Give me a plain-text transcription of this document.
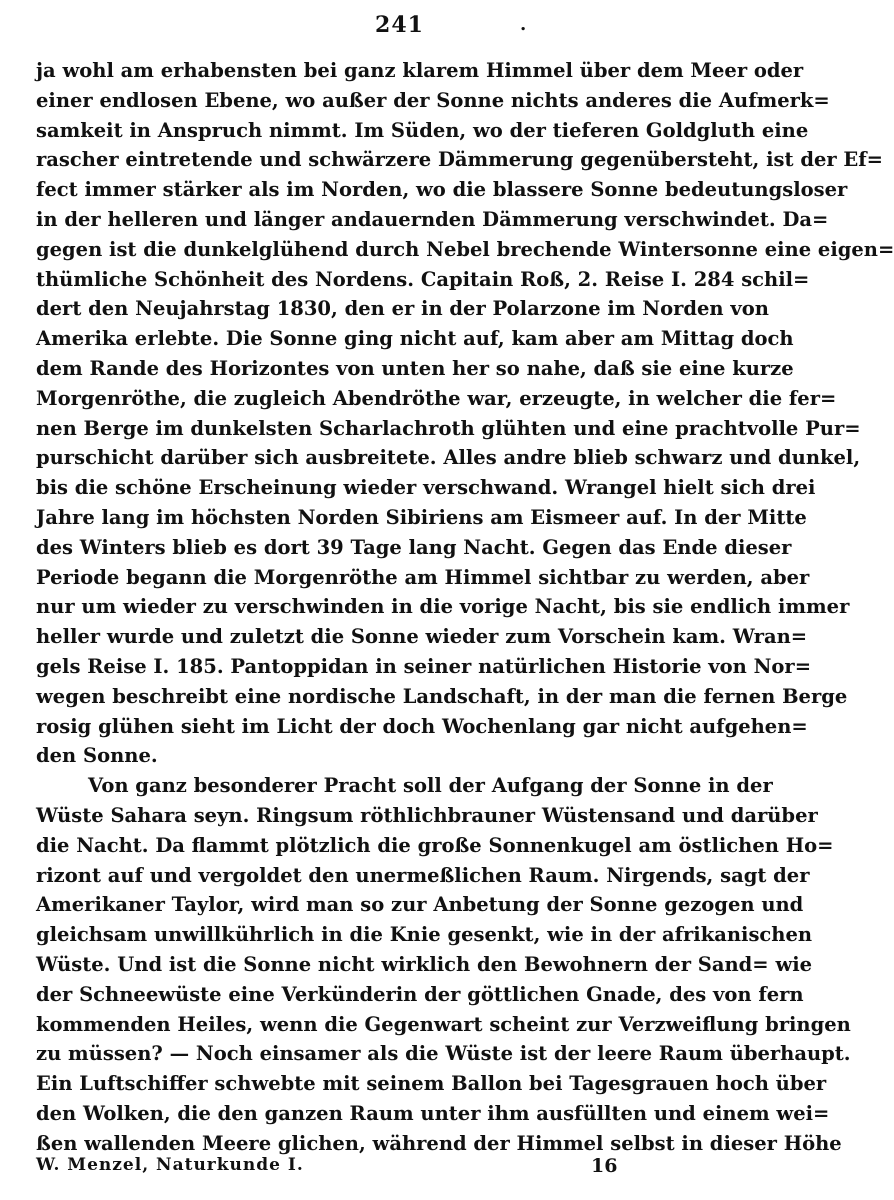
241	.
ja wohl am erhabensten bei ganz klarem Himmel über dem Meer oder
einer endlosen Ebene, wo außer der Sonne nichts anderes die Aufmerk=
samkeit in Anspruch nimmt. Im Süden, wo der tieferen Goldgluth eine
rascher eintretende und schwärzere Dämmerung gegenübersteht, ist der Ef=
fect immer stärker als im Norden, wo die blassere Sonne bedeutungsloser
in der helleren und länger andauernden Dämmerung verschwindet. Da=
gegen ist die dunkelglühend durch Nebel brechende Wintersonne eine eigen=
thümliche Schönheit des Nordens. Capitain Roß, 2. Reise I. 284 schil=
dert den Neujahrstag 1830, den er in der Polarzone im Norden von
Amerika erlebte. Die Sonne ging nicht auf, kam aber am Mittag doch
dem Rande des Horizontes von unten her so nahe, daß sie eine kurze
Morgenröthe, die zugleich Abendröthe war, erzeugte, in welcher die fer=
nen Berge im dunkelsten Scharlachroth glühten und eine prachtvolle Pur=
purschicht darüber sich ausbreitete. Alles andre blieb schwarz und dunkel,
bis die schöne Erscheinung wieder verschwand. Wrangel hielt sich drei
Jahre lang im höchsten Norden Sibiriens am Eismeer auf. In der Mitte
des Winters blieb es dort 39 Tage lang Nacht. Gegen das Ende dieser
Periode begann die Morgenröthe am Himmel sichtbar zu werden, aber
nur um wieder zu verschwinden in die vorige Nacht, bis sie endlich immer
heller wurde und zuletzt die Sonne wieder zum Vorschein kam. Wran=
gels Reise I. 185. Pantoppidan in seiner natürlichen Historie von Nor=
wegen beschreibt eine nordische Landschaft, in der man die fernen Berge
rosig glühen sieht im Licht der doch Wochenlang gar nicht aufgehen=
den Sonne.
Von ganz besonderer Pracht soll der Aufgang der Sonne in der
Wüste Sahara seyn. Ringsum röthlichbrauner Wüstensand und darüber
die Nacht. Da flammt plötzlich die große Sonnenkugel am östlichen Ho=
rizont auf und vergoldet den unermeßlichen Raum. Nirgends, sagt der
Amerikaner Taylor, wird man so zur Anbetung der Sonne gezogen und
gleichsam unwillkührlich in die Knie gesenkt, wie in der afrikanischen
Wüste. Und ist die Sonne nicht wirklich den Bewohnern der Sand= wie
der Schneewüste eine Verkünderin der göttlichen Gnade, des von fern
kommenden Heiles, wenn die Gegenwart scheint zur Verzweiflung bringen
zu müssen? — Noch einsamer als die Wüste ist der leere Raum überhaupt.
Ein Luftschiffer schwebte mit seinem Ballon bei Tagesgrauen hoch über
den Wolken, die den ganzen Raum unter ihm ausfüllten und einem wei=
ßen wallenden Meere glichen, während der Himmel selbst in dieser Höhe
W. Menzel, Naturkunde I.	16
